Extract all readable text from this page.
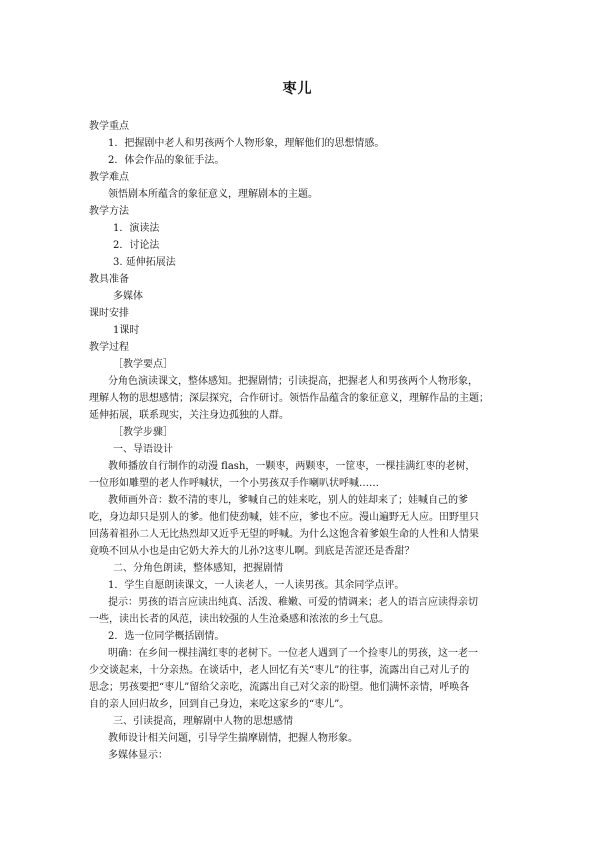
枣儿
教学重点
1．把握剧中老人和男孩两个人物形象，理解他们的思想情感。
2．体会作品的象征手法。
教学难点
领悟剧本所蕴含的象征意义，理解剧本的主题。
教学方法
1．演读法
2．讨论法
3. 延伸拓展法
教具准备
多媒体
课时安排
1课时
教学过程
［教学要点］
分角色演读课文，整体感知。把握剧情；引读提高，把握老人和男孩两个人物形象，
理解人物的思想感情；深层探究，合作研讨。领悟作品蕴含的象征意义，理解作品的主题；
延伸拓展，联系现实，关注身边孤独的人群。
［教学步骤］
一、导语设计
教师播放自行制作的动漫 flash，一颗枣，两颗枣，一筐枣，一棵挂满红枣的老树，
一位形如雕塑的老人作呼喊状，一个小男孩双手作喇叭状呼喊……
教师画外音：数不清的枣儿，爹喊自己的娃来吃，别人的娃却来了；娃喊自己的爹
吃，身边却只是别人的爹。他们使劲喊，娃不应，爹也不应。漫山遍野无人应。田野里只
回荡着祖孙二人无比热烈却又近乎无望的呼喊。为什么这饱含着爹娘生命的人性和人情果
竟唤不回从小也是由它奶大养大的儿孙?这枣儿啊。到底是苦涩还是香甜？
二、分角色朗读，整体感知，把握剧情
1．学生自愿朗读课文，一人读老人，一人读男孩。其余同学点评。
提示：男孩的语言应读出纯真、活泼、稚嫩、可爱的情调来；老人的语言应读得亲切
一些，读出长者的风范，读出较强的人生沧桑感和浓浓的乡土气息。
2．选一位同学概括剧情。
明确：在乡间一棵挂满红枣的老树下。一位老人遇到了一个捡枣儿的男孩，这一老一
少交谈起来，十分亲热。在谈话中，老人回忆有关“枣儿”的往事，流露出自己对儿子的
思念；男孩要把“枣儿”留给父亲吃，流露出自己对父亲的盼望。他们满怀亲情，呼唤各
自的亲人回归故乡，回到自己身边，来吃这家乡的“枣儿”。
三、引读提高，理解剧中人物的思想感情
教师设计相关问题，引导学生揣摩剧情，把握人物形象。
多媒体显示：
